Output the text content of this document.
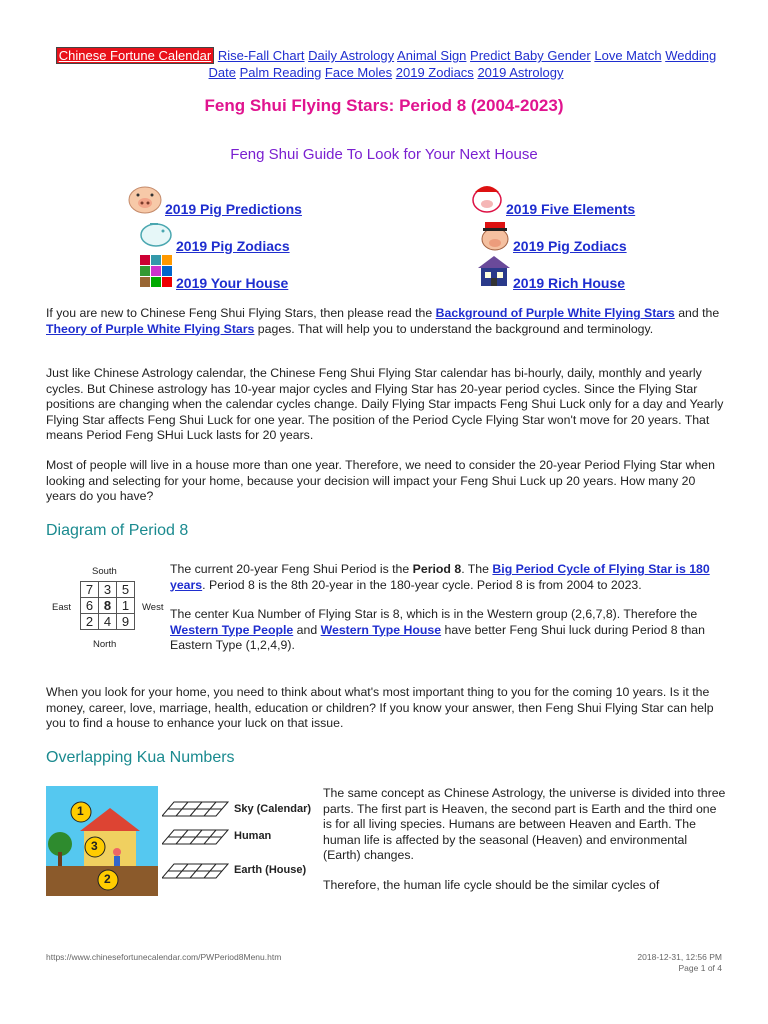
Chinese Fortune Calendar Rise-Fall Chart Daily Astrology Animal Sign Predict Baby Gender Love Match Wedding Date Palm Reading Face Moles 2019 Zodiacs 2019 Astrology
Feng Shui Flying Stars: Period 8 (2004-2023)
Feng Shui Guide To Look for Your Next House
2019 Pig Predictions	2019 Five Elements
2019 Pig Zodiacs	2019 Pig Zodiacs
2019 Your House	2019 Rich House
If you are new to Chinese Feng Shui Flying Stars, then please read the Background of Purple White Flying Stars and the Theory of Purple White Flying Stars pages. That will help you to understand the background and terminology.
Just like Chinese Astrology calendar, the Chinese Feng Shui Flying Star calendar has bi-hourly, daily, monthly and yearly cycles. But Chinese astrology has 10-year major cycles and Flying Star has 20-year period cycles. Since the Flying Star positions are changing when the calendar cycles change. Daily Flying Star impacts Feng Shui Luck only for a day and Yearly Flying Star affects Feng Shui Luck for one year. The position of the Period Cycle Flying Star won't move for 20 years. That means Period Feng SHui Luck lasts for 20 years.
Most of people will live in a house more than one year. Therefore, we need to consider the 20-year Period Flying Star when looking and selecting for your home, because your decision will impact your Feng Shui Luck up 20 years. How many 20 years do you have?
Diagram of Period 8
South
East	West
North
7	3	5
6	8	1
2	4	9
The current 20-year Feng Shui Period is the Period 8. The Big Period Cycle of Flying Star is 180 years. Period 8 is the 8th 20-year in the 180-year cycle. Period 8 is from 2004 to 2023.
The center Kua Number of Flying Star is 8, which is in the Western group (2,6,7,8). Therefore the Western Type People and Western Type House have better Feng Shui luck during Period 8 than Eastern Type (1,2,4,9).
When you look for your home, you need to think about what's most important thing to you for the coming 10 years. Is it the money, career, love, marriage, health, education or children? If you know your answer, then Feng Shui Flying Star can help you to find a house to enhance your luck on that issue.
Overlapping Kua Numbers
1
3
2
Sky (Calendar)
Human
Earth (House)
The same concept as Chinese Astrology, the universe is divided into three parts. The first part is Heaven, the second part is Earth and the third one is for all living species. Humans are between Heaven and Earth. The human life is affected by the seasonal (Heaven) and environmental (Earth) changes.
Therefore, the human life cycle should be the similar cycles of
https://www.chinesefortunecalendar.com/PWPeriod8Menu.htm	2018-12-31, 12:56 PM
Page 1 of 4
